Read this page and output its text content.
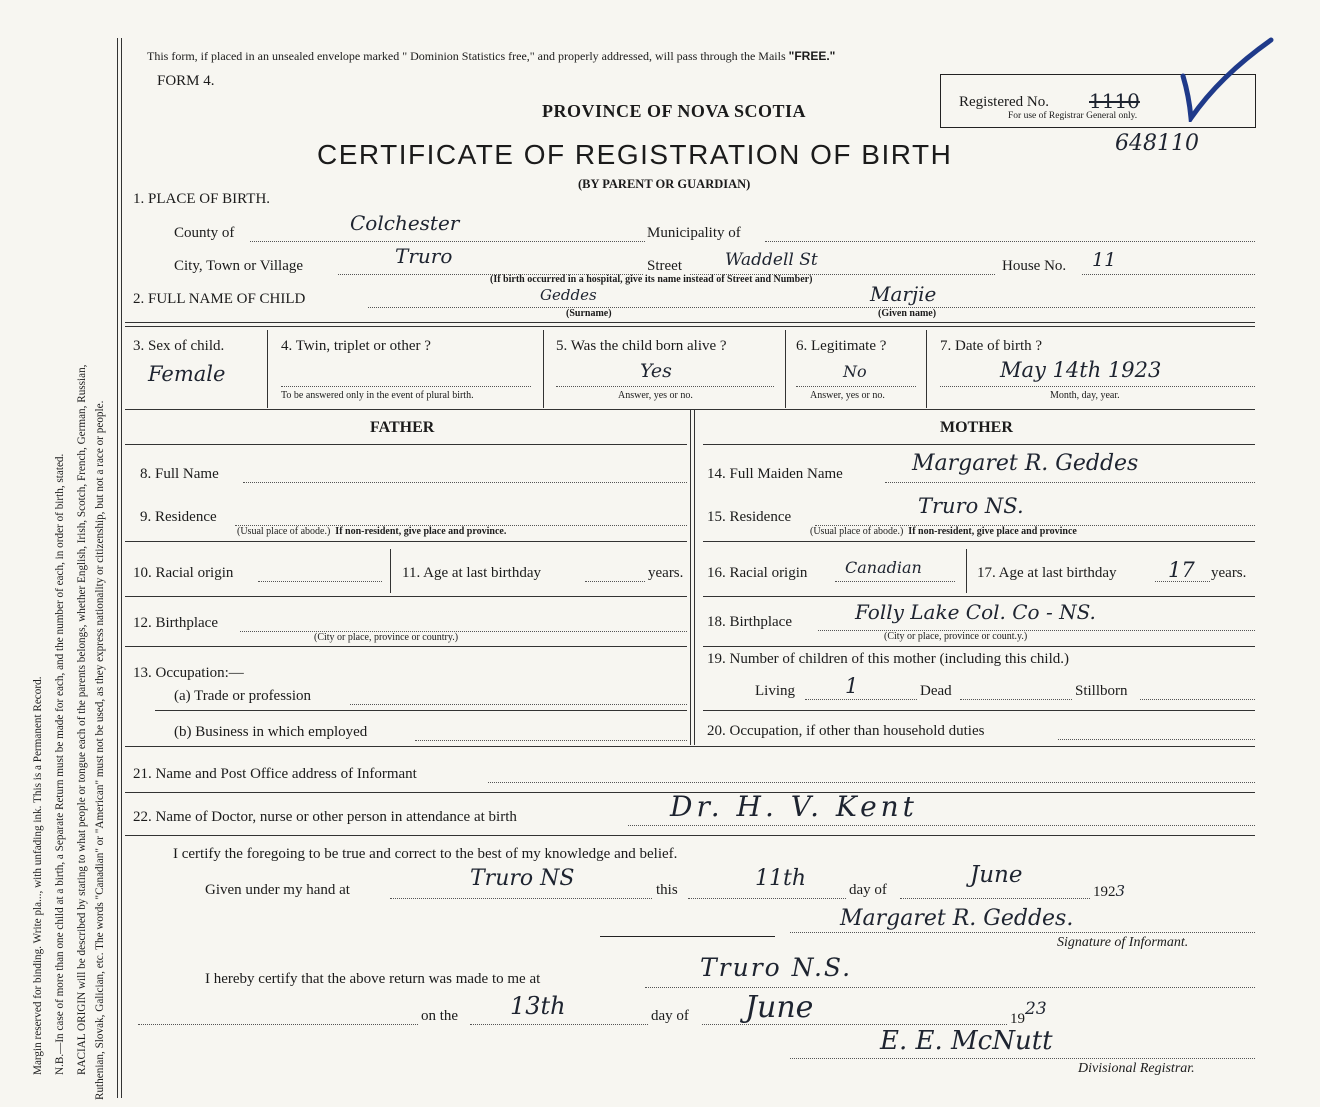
Margin reserved for binding. Write pla..., with unfading ink. This is a Permanent Record. N.B.—In case of more than one child at a birth, a Separate Return must be made for each, and the number of each, in order of birth, stated. RACIAL ORIGIN will be described by stating to what people or tongue each of the parents belongs, whether English, Irish, Scotch, French, German, Russian, Ruthenian, Slovak, Galician, etc. The words "Canadian" or "American" must not be used, as they express nationality or citizenship, but not a race or people.
This form, if placed in an unsealed envelope marked " Dominion Statistics free," and properly addressed, will pass through the Mails "FREE."
FORM 4.
PROVINCE OF NOVA SCOTIA
CERTIFICATE OF REGISTRATION OF BIRTH
(BY PARENT OR GUARDIAN)
Registered No. 1110
For use of Registrar General only.
648110
1. PLACE OF BIRTH.
County of	Colchester	Municipality of
City, Town or Village	Truro	Street	Waddell St	House No. 11
(If birth occurred in a hospital, give its name instead of Street and Number)
2. FULL NAME OF CHILD	Geddes
(Surname)
Marjie
(Given name)
3. Sex of child.
Female
4. Twin, triplet or other ?
To be answered only in the event of plural birth.
5. Was the child born alive ?
Yes
Answer, yes or no.
6. Legitimate ?
No
Answer, yes or no.
7. Date of birth ?
May 14th 1923
Month, day, year.
FATHER	MOTHER
8. Full Name
9. Residence
(Usual place of abode.) If non-resident, give place and province.
10. Racial origin	11. Age at last birthday	years.
12. Birthplace
(City or place, province or country.)
13. Occupation:—
(a) Trade or profession
(b) Business in which employed
14. Full Maiden Name	Margaret R. Geddes
15. Residence	Truro NS.
(Usual place of abode.) If non-resident, give place and province
16. Racial origin Canadian	17. Age at last birthday 17 years.
18. Birthplace	Folly Lake Col. Co - NS.
(City or place, province or count.y.)
19. Number of children of this mother (including this child.)
Living 1	Dead	Stillborn
20. Occupation, if other than household duties
21. Name and Post Office address of Informant
22. Name of Doctor, nurse or other person in attendance at birth	Dr. H. V. Kent
I certify the foregoing to be true and correct to the best of my knowledge and belief.
Given under my hand at	Truro NS	this	11th	day of
June
1923
Margaret R. Geddes.
Signature of Informant.
I hereby certify that the above return was made to me at	Truro N.S.
on the 13th	day of June	1923
E. E. McNutt
Divisional Registrar.
